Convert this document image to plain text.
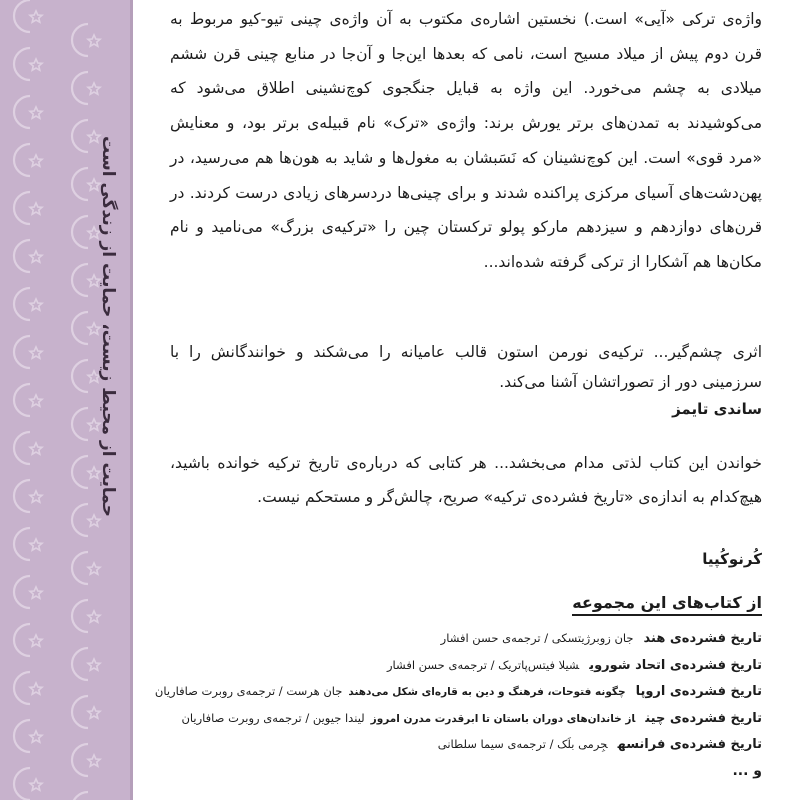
حمایت از محیط زیست، حمایت از زندگی است

واژه‌ی ترکی «آیی» است.) نخستین اشاره‌ی مکتوب به آن واژه‌ی چینی تیو-کیو مربوط به قرن دوم پیش از میلاد مسیح است، نامی که بعدها این‌جا و آن‌جا در منابع چینی قرن ششم میلادی به چشم می‌خورد. این واژه به قبایل جنگجوی کوچ‌نشینی اطلاق می‌شود که می‌کوشیدند به تمدن‌های برتر یورش برند: واژه‌ی «ترک» نام قبیله‌ی برتر بود، و معنایش «مرد قوی» است. این کوچ‌نشینان که نَسَبشان به مغول‌ها و شاید به هون‌ها هم می‌رسید، در پهن‌دشت‌های آسیای مرکزی پراکنده شدند و برای چینی‌ها دردسرهای زیادی درست کردند. در قرن‌های دوازدهم و سیزدهم مارکو پولو ترکستان چین را «ترکیه‌ی بزرگ» می‌نامید و نام مکان‌ها هم آشکارا از ترکی گرفته شده‌اند...

اثری چشم‌گیر... ترکیه‌ی نورمن استون قالب عامیانه را می‌شکند و خوانندگانش را با سرزمینی دور از تصوراتشان آشنا می‌کند.

ساندی تایمز

خواندن این کتاب لذتی مدام می‌بخشد... هر کتابی که درباره‌ی تاریخ ترکیه خوانده باشید، هیچ‌کدام به اندازه‌ی «تاریخ فشرده‌ی ترکیه» صریح، چالش‌گر و مستحکم نیست.

کُرنوکُپیا

از کتاب‌های این مجموعه
تاریخ فشرده‌ی هندجان زوبرژیتسکی / ترجمه‌ی حسن افشار
تاریخ فشرده‌ی اتحاد شورویشیلا فیتس‌پاتریک / ترجمه‌ی حسن افشار
تاریخ فشرده‌ی اروپاچگونه فتوحات، فرهنگ و دین به قاره‌ای شکل می‌دهندجان هرست / ترجمه‌ی روبرت صافاریان
تاریخ فشرده‌ی چیناز خاندان‌های دوران باستان تا ابرقدرت مدرن امروزلیندا جیوین / ترجمه‌ی روبرت صافاریان
تاریخ فشرده‌ی فرانسهجِرمی بلَک / ترجمه‌ی سیما سلطانی

و ...
